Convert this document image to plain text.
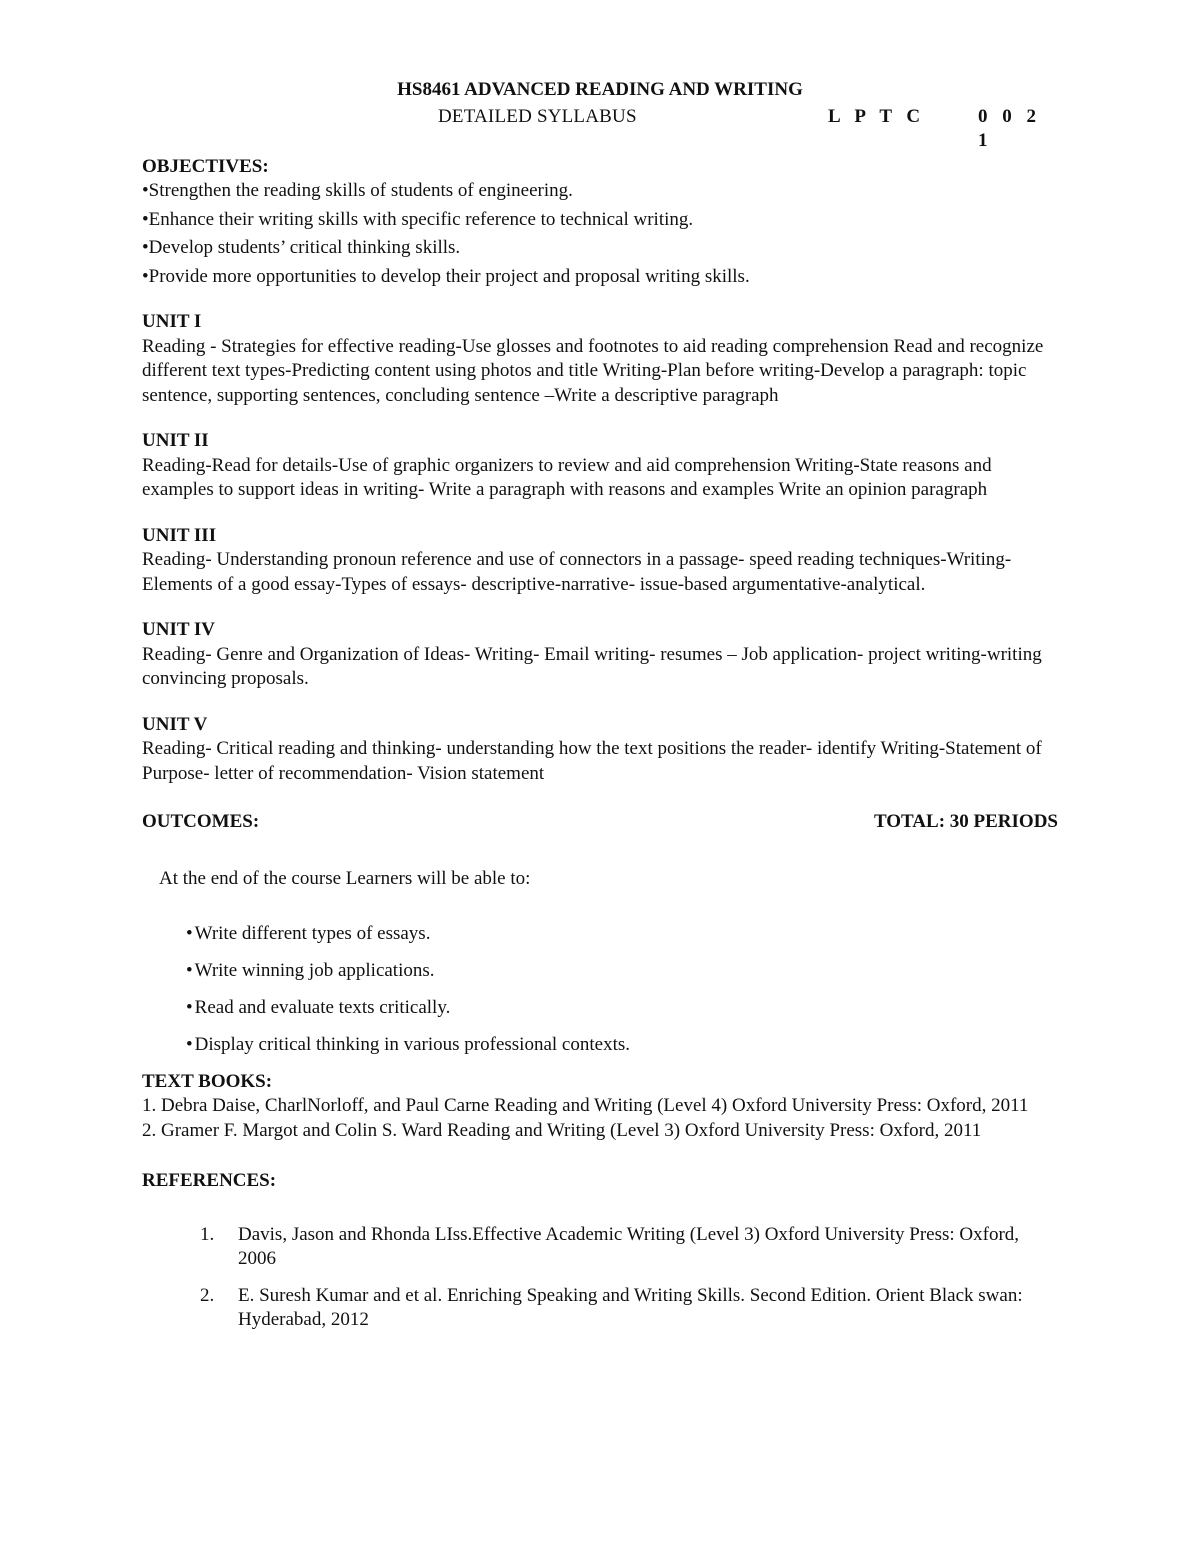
HS8461 ADVANCED READING AND WRITING

DETAILED SYLLABUS	L P T C	0 0 2 1

OBJECTIVES:

• Strengthen the reading skills of students of engineering.
• Enhance their writing skills with specific reference to technical writing.
• Develop students’ critical thinking skills.
• Provide more opportunities to develop their project and proposal writing skills.

UNIT I

Reading - Strategies for effective reading-Use glosses and footnotes to aid reading comprehension Read and recognize different text types-Predicting content using photos and title Writing-Plan before writing-Develop a paragraph: topic sentence, supporting sentences, concluding sentence –Write a descriptive paragraph

UNIT II

Reading-Read for details-Use of graphic organizers to review and aid comprehension Writing-State reasons and examples to support ideas in writing- Write a paragraph with reasons and examples Write an opinion paragraph

UNIT III

Reading- Understanding pronoun reference and use of connectors in a passage- speed reading techniques-Writing- Elements of a good essay-Types of essays- descriptive-narrative- issue-based argumentative-analytical.

UNIT IV

Reading- Genre and Organization of Ideas- Writing- Email writing- resumes – Job application- project writing-writing convincing proposals.

UNIT V

Reading- Critical reading and thinking- understanding how the text positions the reader- identify Writing-Statement of Purpose- letter of recommendation- Vision statement

OUTCOMES:	TOTAL: 30 PERIODS

At the end of the course Learners will be able to:

• Write different types of essays.
• Write winning job applications.
• Read and evaluate texts critically.
• Display critical thinking in various professional contexts.

TEXT BOOKS:

1. Debra Daise, CharlNorloff, and Paul Carne Reading and Writing (Level 4) Oxford University Press: Oxford, 2011

2. Gramer F. Margot and Colin S. Ward Reading and Writing (Level 3) Oxford University Press: Oxford, 2011

REFERENCES:

1. Davis, Jason and Rhonda LIss.Effective Academic Writing (Level 3) Oxford University Press: Oxford, 2006
2. E. Suresh Kumar and et al. Enriching Speaking and Writing Skills. Second Edition. Orient Black swan: Hyderabad, 2012
